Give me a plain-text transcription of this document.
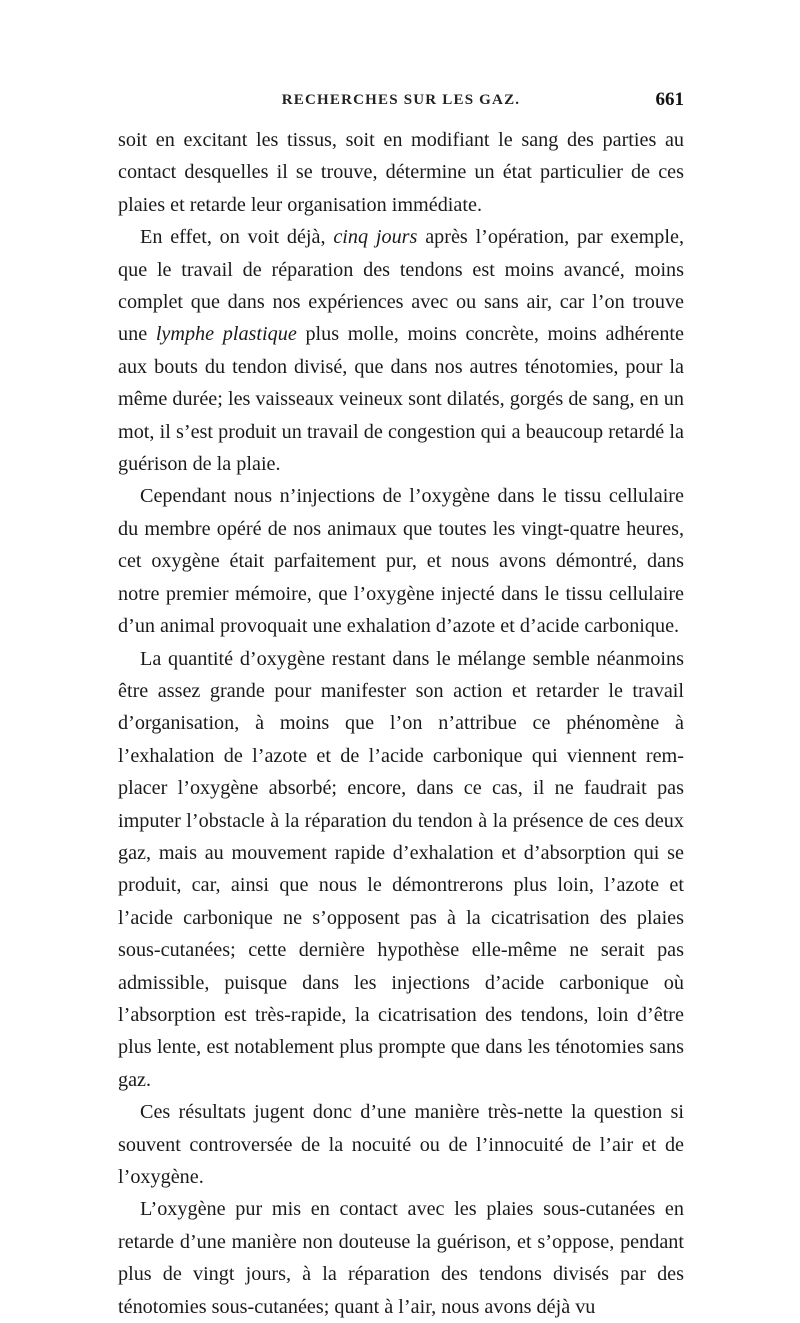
RECHERCHES SUR LES GAZ.	661

soit en excitant les tissus, soit en modifiant le sang des parties au contact desquelles il se trouve, détermine un état particulier de ces plaies et retarde leur organisation immédiate.

En effet, on voit déjà, cinq jours après l’opération, par exemple, que le travail de réparation des tendons est moins avancé, moins complet que dans nos expériences avec ou sans air, car l’on trouve une lymphe plastique plus molle, moins concrète, moins adhérente aux bouts du tendon divisé, que dans nos autres ténotomies, pour la même durée; les vaisseaux veineux sont dilatés, gorgés de sang, en un mot, il s’est produit un travail de congestion qui a beaucoup retardé la guérison de la plaie.

Cependant nous n’injections de l’oxygène dans le tissu cellulaire du membre opéré de nos animaux que toutes les vingt-quatre heures, cet oxygène était parfaitement pur, et nous avons démontré, dans notre premier mémoire, que l’oxygène injecté dans le tissu cellulaire d’un animal provoquait une exhalation d’azote et d’acide carbonique.

La quantité d’oxygène restant dans le mélange semble néanmoins être assez grande pour manifester son action et retarder le travail d’organisation, à moins que l’on n’attribue ce phénomène à l’exhalation de l’azote et de l’acide carbonique qui viennent remplacer l’oxygène absorbé; encore, dans ce cas, il ne faudrait pas imputer l’obstacle à la réparation du tendon à la présence de ces deux gaz, mais au mouvement rapide d’exhalation et d’absorption qui se produit, car, ainsi que nous le démontrerons plus loin, l’azote et l’acide carbonique ne s’opposent pas à la cicatrisation des plaies sous-cutanées; cette dernière hypothèse elle-même ne serait pas admissible, puisque dans les injections d’acide carbonique où l’absorption est très-rapide, la cicatrisation des tendons, loin d’être plus lente, est notablement plus prompte que dans les ténotomies sans gaz.

Ces résultats jugent donc d’une manière très-nette la question si souvent controversée de la nocuité ou de l’innocuité de l’air et de l’oxygène.

L’oxygène pur mis en contact avec les plaies sous-cutanées en retarde d’une manière non douteuse la guérison, et s’oppose, pendant plus de vingt jours, à la réparation des tendons divisés par des ténotomies sous-cutanées; quant à l’air, nous avons déjà vu
